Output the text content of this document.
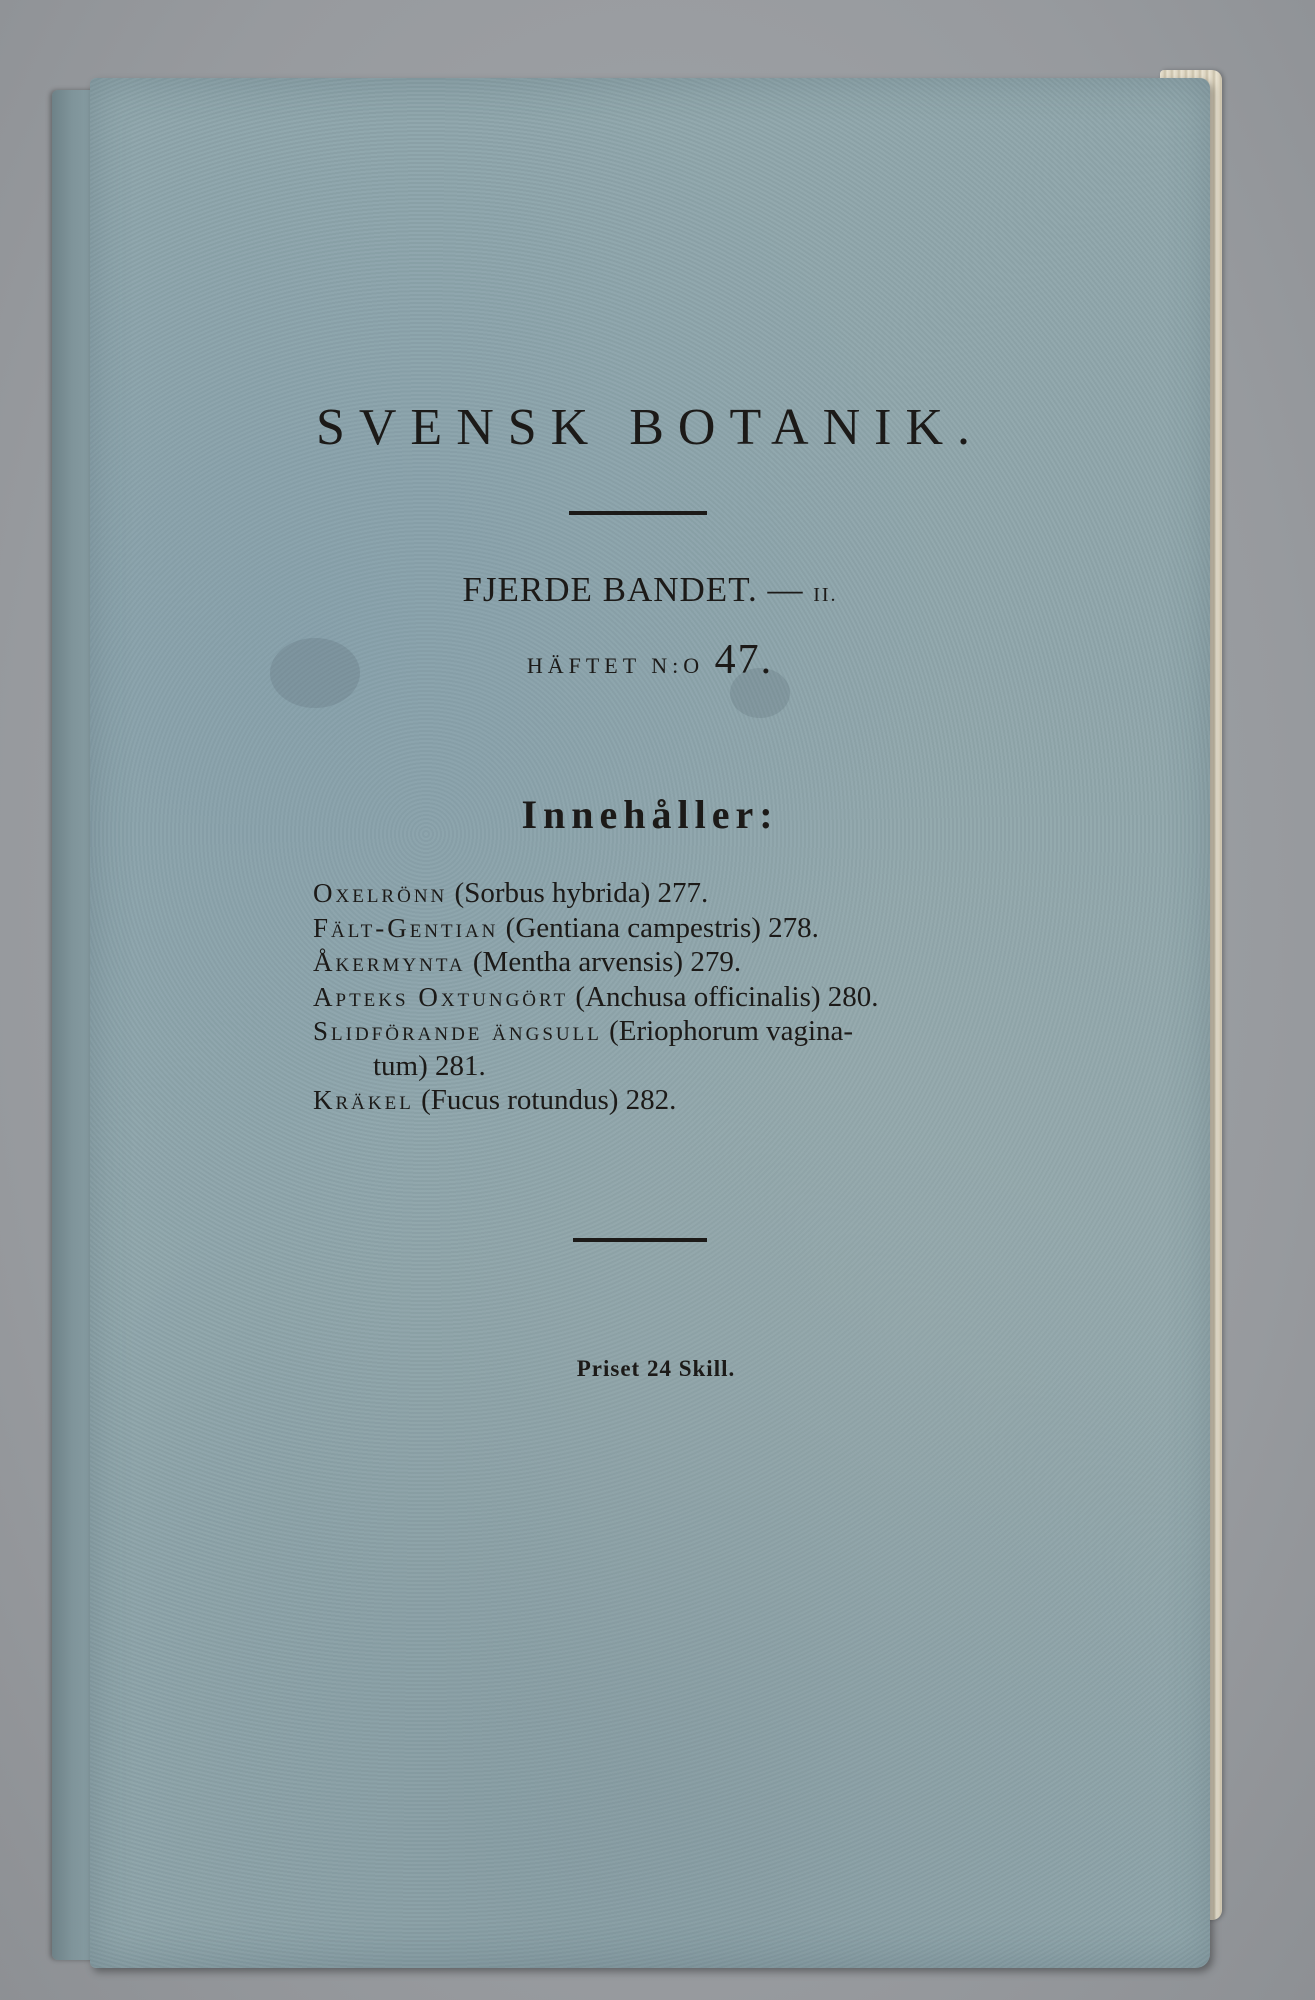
SVENSK BOTANIK.
FJERDE BANDET. — II.
HÄFTET N:O 47.
Innehåller:
Oxelrönn (Sorbus hybrida) 277.
Fält-Gentian (Gentiana campestris) 278.
Åkermynta (Mentha arvensis) 279.
Apteks Oxtungört (Anchusa officinalis) 280.
Slidförande ängsull (Eriophorum vagina-
tum) 281.
Kräkel (Fucus rotundus) 282.
Priset 24 Skill.
